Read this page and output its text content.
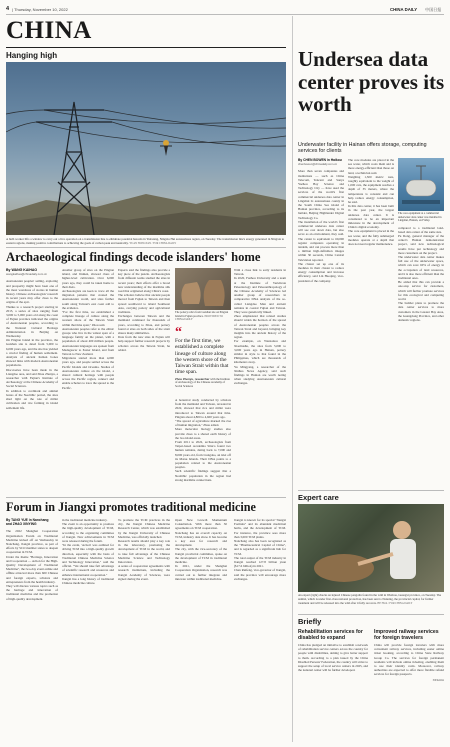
4 | Thursday, November 10, 2022	CHINA DAILY 中国日报
CHINA
Hanging high
A bulb worker lifts a window to carry out a live operation on a transmission line to eliminate potential hazards in Yunxiang, Ningxia Hui autonomous region, on Tuesday. The transmission line's energy generated in Ningxia to eastern regions, making positive contributions to achieving the goals of carbon peak and neutrality. YUAN HONGYAN / FOR CHINA DAILY
Archaeological findings decode islanders' home
By WANG KAIHAO
wangkaihao@chinadaily.com.cn
Austronesian peoples' sailing, exploring and prosperity might have been one of the most wondrous of stories in human history. Chinese archaeologists' research in recent years may offer clues to the origins of the epic.
Thanks to a research project starting in 2013, a series of sites ranging from 3,000 to 5,000 years old along the coast of Fujian province indicated the origins of Austronesian peoples, according to the National Cultural Heritage Administration in Beijing on Wednesday.
On Pingtan Island in the province, the Guishan site is dated from 5,000 to 6,000 years ago, and the site has yielded a crucial finding of human settlement. Analysis of ancient human bones showed links with modern Austronesian populations.
Discoveries have been made in the Liangdao area, and said Zhou Zhenyu, a researcher with Fujian's Institute of Archaeology at the Chinese Academy of Social Sciences.
In addition to cordmark and animal bones of the Neolithic period, the sites shed light on the role of millet cultivation and rice farming in island settlement life.
Another group of sites on the Pingtan island, and Jinmen, showed clues of higher-level cultivation. Over 6,000 years ago, they could be taken home to their diets.
Archaeologists are keen to trace all the migration patterns that created the Austronesian world, and sites further south along Taiwan's east coast add to the evidence.
"For the first time, we established a complete lineage of culture along the western shore of the Taiwan Strait within that time span," Zhou said.
Austronesian peoples refer to the ethnic groups who live in the widest span of a language family on the planet, with a population of about 400 million people. Austronesian languages are spoken from Madagascar to Easter Island, and from Taiwan to New Zealand.
Migrations started more than 4,000 years ago, and people settled across the Pacific Islands and Oceania. Studies of Austronesian culture on the island, a shared cultural heritage with people across the Pacific region, connect and enable scholars to trace the spread to the Pacific.
Experts said the findings also provide a key piece of the puzzle. Archaeologists from different teams studied the sites in recent years; their efforts offer a broad new understanding of the maritime silk road that originated along China's coast.
The scholars believe that ancient people moved from Fujian to Taiwan and then spread southward to island Southeast Asia, carrying pottery and agricultural traditions.
Exchanges between Taiwan and the mainland continued for thousands of years, according to Zhou, and pottery found at sites on both sides of the strait shares many similarities.
Data from the new sites in Fujian will help support further research projects by scholars across the Taiwan Strait, he added.
The pottery relics from Guishan site on Pingtan Island in Fujian province. PROVIDED TO CHINA DAILY
“
For the first time, we established a complete lineage of culture along the western shore of the Taiwan Strait within that time span.
Zhou Zhenyu, researcher with the Institute of Archaeology of the Chinese Academy of Social Sciences
A botanical study conducted by scholars from the mainland and Taiwan, revealed in 2022, showed that rice and millet were introduced to Taiwan around that time. Pingtan about 4,800 to 4,600 years ago.
"The spread of agriculture marked the rise of human migration," Zhou added.
More molecular biology studies also provide clues to a shared earth history of the two island areas.
From 2011 to 2022, archaeologists from Taipei-based Academia Sinica found two human remains, dating back to 7,000 and 8,000 years old, from Liangdao, an islet off its Matsu Islands. Their DNA points to a population related to the Austronesian peoples.
Such scientific findings suggest that a Neolithic population in the region had strong maritime connections.
With a close link to early residents in Taiwan.
In 2020, Fuzhou University and a team at the Institute of Vertebrate Paleontology and Paleoanthropology of the Chinese Academy of Sciences led another group of researchers in comparative DNA analysis of the so-called Liangdao Man and ancient remains in coastal Fujian and Taiwan. They were genetically linked.
Zhou emphasized that related studies should widen the horizon of the spread of Austronesian peoples across the Taiwan Strait and beyond, bringing key insights into the ancient history of the region.
For example, on Wanzaitou and Xiaoliushu, the sites from 5,000 to 3,000 years ago in Hainan, pottery similar in style to that found in the Philippines, which are thousands of kilometers away.
Yu Mingyang, a researcher of the Xinhua News Agency, said such findings in Hainan are worth noting when studying Austronesian cultural exchanges.
Forum in Jiangxi promotes traditional medicine
By TANG YUE in Nanchang
and ZHAO XINYING
The 2022 Shanghai Cooperation Organization Forum on Traditional Medicine kicked off on Wednesday in Nanchang, Jiangxi province, as part of efforts by SCO member states to deepen cooperation in TCM.
Under the theme "Heritage, Innovation and Cooperation — Action for the High-Quality Development of Traditional Medicine", the two-day event online and offline attracted more than 600 Chinese and foreign experts, scholars and entrepreneurs from the health industry.
They will discuss various topics such as the heritage and innovation of traditional medicine and the promotion of high-quality development.
in the traditional medicine industry.
The event is an opportunity to promote the high-quality development of TCM, according to the organizing committee of Jiangxi. New achievements in TCM were released during the forum.
"In the event, 'Action' was outlined for driving TCM into a high-quality growth direction, especially with the basis of Traditional Chinese Medicine Science and Technology Innovation," said the official. "We should take full advantage of scientific research and resources and enhance international cooperation."
Jiangxi has a long history of traditional Chinese medicine culture.
To promote the TCM practices in the city, the Jiangxi Chinese Medicine Research Center, which was established by the Jiangxi University of Chinese Medicine, was officially launched.
Research results should play a key role in the laboratory, promoting the development of TCM in the world, and to take full advantage of the Chinese Medicine Science and Technology Innovation.
A series of cooperation agreements with research institutions, including the Jiangxi Academy of Sciences, were signed during the event.
Open New Growth Momentum Consultation. With more than 30 agreements on TCM cooperation.
Nanchang has an overall capacity on TCM, industry data show. It has become a key area for research and development.
The city, with the vice-secretary of the Jiangxi provincial committee, spoke on the development of TCM in traditional medicine.
In 2021, under the Shanghai Cooperation Organization, research was carried out to further integrate and innovate within traditional medicine.
Jiangxi is known for its special "Jiangxi Formula" and its abundant medicinal herbs, and the development of TCM. For instance, the province sees more than 3,000 TCM plants.
Nanchang also has been recognized as the "Pharmaceutical Capital of China", and is regarded as a significant hub for TCM.
The total output of the TCM industry in Jiangxi reached 127.8 billion yuan ($17.6 billion) in 2021.
Chen Ruifeng, vice-governor of Jiangxi, said the province will encourage more exchanges.
Undersea data center proves its worth
Underwater facility in Hainan offers storage, computing services for clients
By CHEN BOWEN in Haikou
chenbowen@chinadaily.com.cn
More than seven companies and institutions — such as China Telecom, Tencent and Sanya Yazhou Bay Science and Technology City — have used the services of the world's first commercial undersea data center in Lingshui Li autonomous county in the South China Sea island of Hainan province, according to its builder, Beijing Highlander Digital Technology Co.
The installation of the world's first commercial undersea data center will see cost down data, but also serve as an environment, they said. The center is equivalent to 60,000 regular computers operating in tandem, and can process more than a million high-definition images within 30 seconds, China Central Television reported.
The cluster set up one of its modules in their cluster to reduce energy consumption and increase efficiency, said Lin Haoqing, vice-president of the company.
The core modules are placed in the sea water, which cools them and is more energy-efficient than those on land, a technician said.
Weighing 1,300 metric tons, roughly equivalent to the weight of 1,000 cars, the equipment reaches a depth of 35 meters, where the temperature is constant and can help reduce energy consumption, he said.
In this data center, it has been built in the past year, the largest undersea data center. It is considered to be an important milestone in the development of China's digital economy.
The core equipment is placed in the sea water, and the fully submerged modules operate at a depth that does not need regular maintenance.
The core equipment at a commercial underwater data center was installed in Lingshui, Hainan, on Friday.
compared to a traditional land-based data center of the same size.
Pu Dong, general manager of the center's Hainan demonstration project, said new technological results have put technology and more customers on the project.
The underwater data center makes full use of the underwater space, which can save 60% of energy in the occupation of land resources, and it is also more efficient than the traditional ones.
He added that this can provide a one-stop service for customers, which will further promote services for this ecological and computing world.
The builder plans to promote the data center services to more customers in the Greater Bay Area, the Guangdong Province, and other domestic regions.
Expert care
An expert (right) checks an injured Chinese pangolin found in the wild in Wuzhou, Guangxi province, on Tuesday. The animal, which is under first-class national protection, has been sent to Nanning, the provincial capital, for further treatment and will be released into the wild after it fully recovers. HE HUA / FOR CHINA DAILY
Briefly
Rehabilitation services for disabled to expand
China has pledged an initiative to establish a network of rehabilitation service centers across the country for people with disabilities, aiming to give better support to them. According to a plan issued by the China Disabled Persons' Federation, the country will strive to support the setup of local service centers in 2025, and the national center will be further developed.
Improved railway services for foreign travelers
China will provide foreign travelers with more convenient railway services, including easier online ticket booking, according to China State Railway Group Co. The services for foreign permanent residents will include online ticketing, enabling them to use their identity cards. Moreover, railway authorities are expected to offer more flexible refund services for foreign passports.
XINHUA
